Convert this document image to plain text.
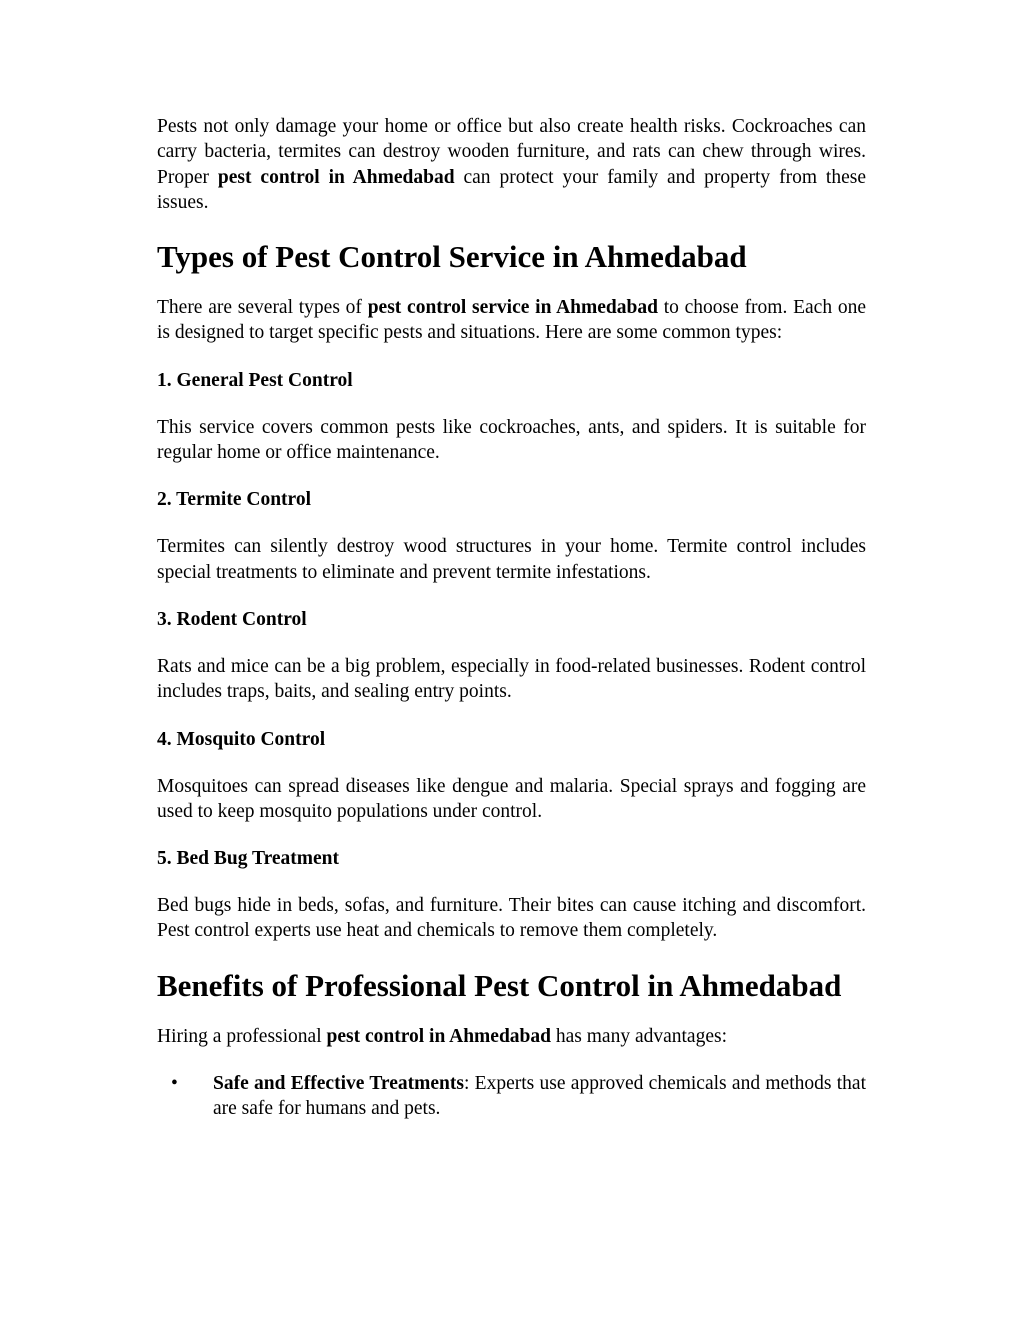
Pests not only damage your home or office but also create health risks. Cockroaches can carry bacteria, termites can destroy wooden furniture, and rats can chew through wires. Proper pest control in Ahmedabad can protect your family and property from these issues.

Types of Pest Control Service in Ahmedabad

There are several types of pest control service in Ahmedabad to choose from. Each one is designed to target specific pests and situations. Here are some common types:

1. General Pest Control

This service covers common pests like cockroaches, ants, and spiders. It is suitable for regular home or office maintenance.

2. Termite Control

Termites can silently destroy wood structures in your home. Termite control includes special treatments to eliminate and prevent termite infestations.

3. Rodent Control

Rats and mice can be a big problem, especially in food-related businesses. Rodent control includes traps, baits, and sealing entry points.

4. Mosquito Control

Mosquitoes can spread diseases like dengue and malaria. Special sprays and fogging are used to keep mosquito populations under control.

5. Bed Bug Treatment

Bed bugs hide in beds, sofas, and furniture. Their bites can cause itching and discomfort. Pest control experts use heat and chemicals to remove them completely.

Benefits of Professional Pest Control in Ahmedabad

Hiring a professional pest control in Ahmedabad has many advantages:

• Safe and Effective Treatments: Experts use approved chemicals and methods that are safe for humans and pets.
